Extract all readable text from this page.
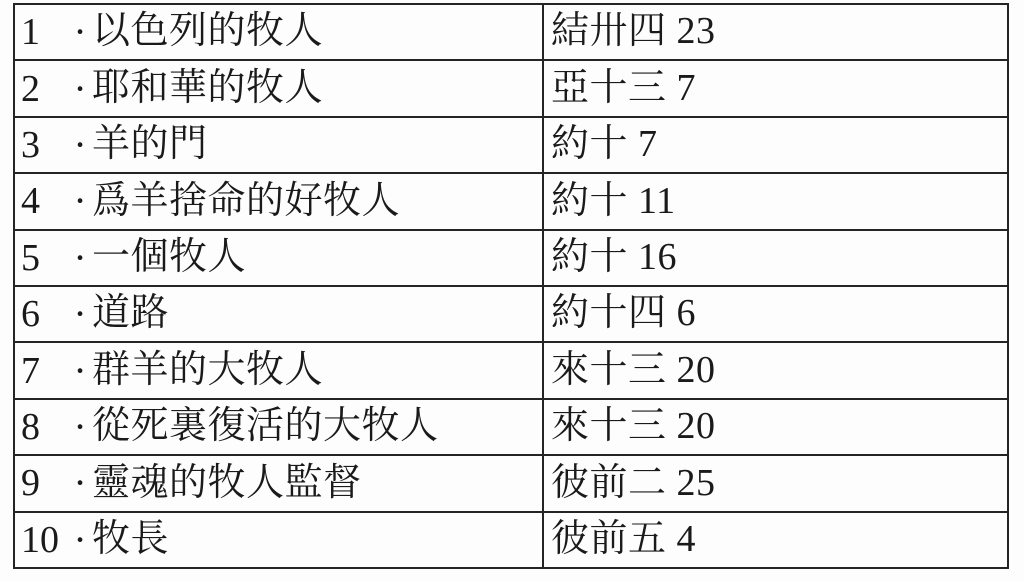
1 · 以色列的牧人	結卅四 23
2 · 耶和華的牧人	亞十三 7
3 · 羊的門	約十 7
4 · 爲羊捨命的好牧人	約十 11
5 · 一個牧人	約十 16
6 · 道路	約十四 6
7 · 群羊的大牧人	來十三 20
8 · 從死裏復活的大牧人	來十三 20
9 · 靈魂的牧人監督	彼前二 25
10 · 牧長	彼前五 4
